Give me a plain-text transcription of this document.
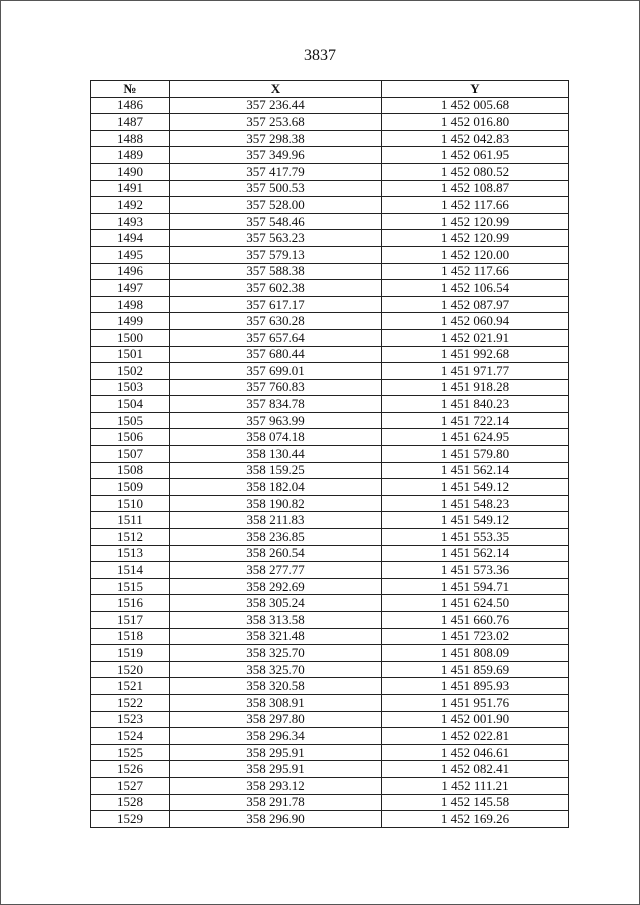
3837
№	X	Y
1486	357 236.44	1 452 005.68
1487	357 253.68	1 452 016.80
1488	357 298.38	1 452 042.83
1489	357 349.96	1 452 061.95
1490	357 417.79	1 452 080.52
1491	357 500.53	1 452 108.87
1492	357 528.00	1 452 117.66
1493	357 548.46	1 452 120.99
1494	357 563.23	1 452 120.99
1495	357 579.13	1 452 120.00
1496	357 588.38	1 452 117.66
1497	357 602.38	1 452 106.54
1498	357 617.17	1 452 087.97
1499	357 630.28	1 452 060.94
1500	357 657.64	1 452 021.91
1501	357 680.44	1 451 992.68
1502	357 699.01	1 451 971.77
1503	357 760.83	1 451 918.28
1504	357 834.78	1 451 840.23
1505	357 963.99	1 451 722.14
1506	358 074.18	1 451 624.95
1507	358 130.44	1 451 579.80
1508	358 159.25	1 451 562.14
1509	358 182.04	1 451 549.12
1510	358 190.82	1 451 548.23
1511	358 211.83	1 451 549.12
1512	358 236.85	1 451 553.35
1513	358 260.54	1 451 562.14
1514	358 277.77	1 451 573.36
1515	358 292.69	1 451 594.71
1516	358 305.24	1 451 624.50
1517	358 313.58	1 451 660.76
1518	358 321.48	1 451 723.02
1519	358 325.70	1 451 808.09
1520	358 325.70	1 451 859.69
1521	358 320.58	1 451 895.93
1522	358 308.91	1 451 951.76
1523	358 297.80	1 452 001.90
1524	358 296.34	1 452 022.81
1525	358 295.91	1 452 046.61
1526	358 295.91	1 452 082.41
1527	358 293.12	1 452 111.21
1528	358 291.78	1 452 145.58
1529	358 296.90	1 452 169.26
